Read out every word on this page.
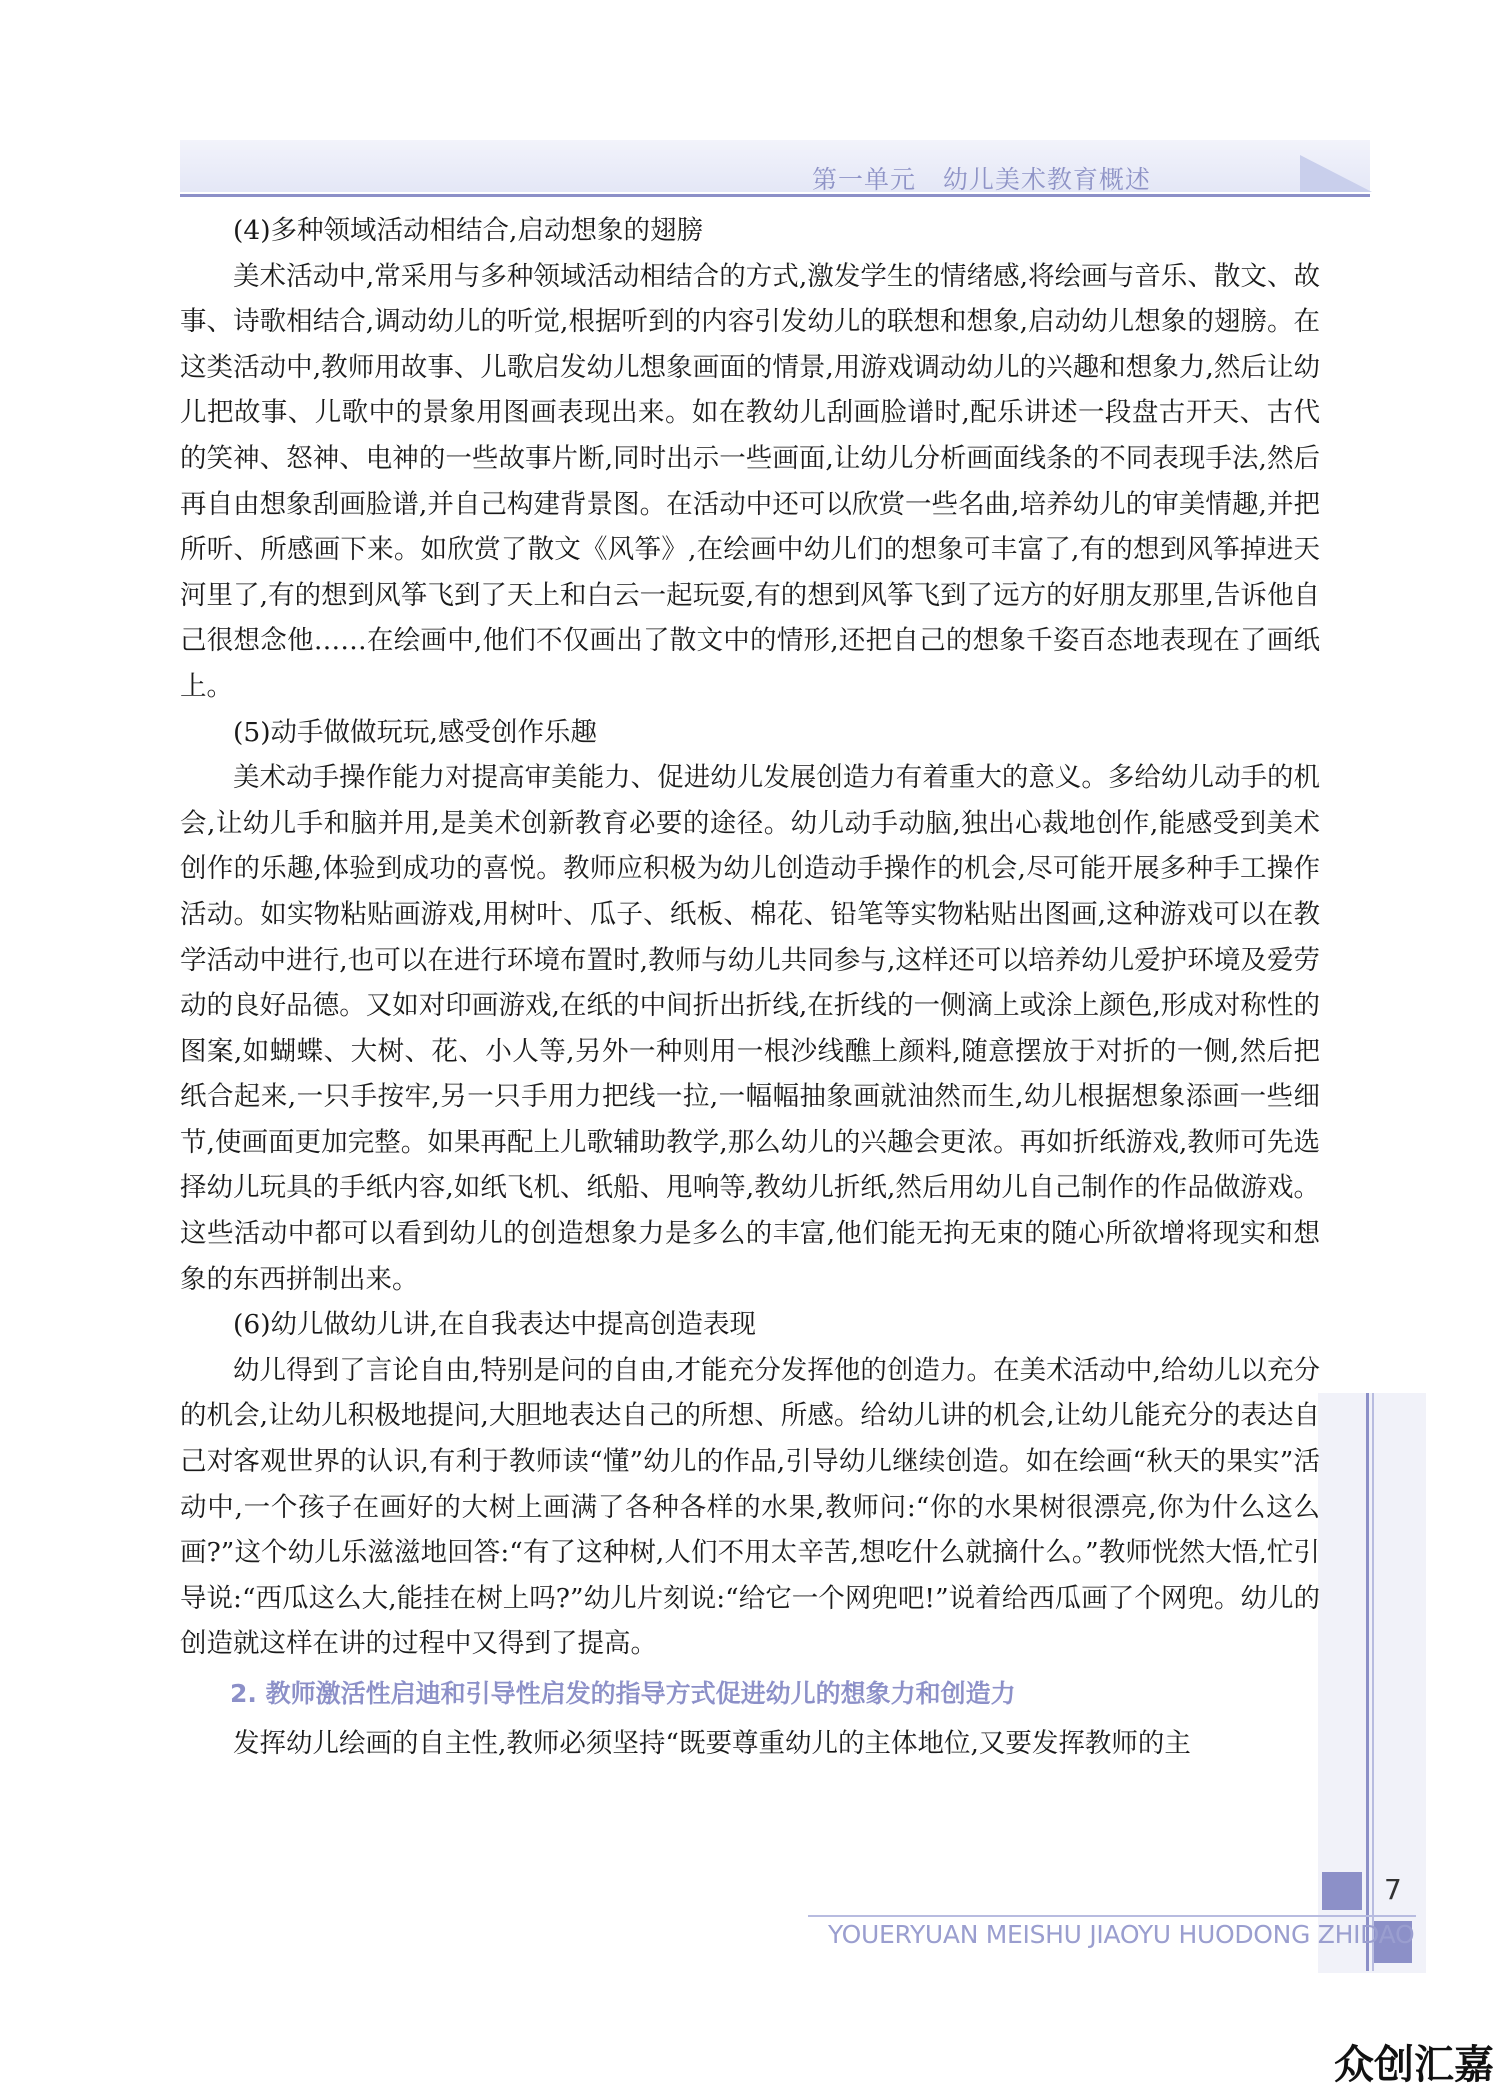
第一单元   幼儿美术教育概述

(4)多种领域活动相结合,启动想象的翅膀

美术活动中,常采用与多种领域活动相结合的方式,激发学生的情绪感,将绘画与音乐、散文、故事、诗歌相结合,调动幼儿的听觉,根据听到的内容引发幼儿的联想和想象,启动幼儿想象的翅膀。在这类活动中,教师用故事、儿歌启发幼儿想象画面的情景,用游戏调动幼儿的兴趣和想象力,然后让幼儿把故事、儿歌中的景象用图画表现出来。如在教幼儿刮画脸谱时,配乐讲述一段盘古开天、古代的笑神、怒神、电神的一些故事片断,同时出示一些画面,让幼儿分析画面线条的不同表现手法,然后再自由想象刮画脸谱,并自己构建背景图。在活动中还可以欣赏一些名曲,培养幼儿的审美情趣,并把所听、所感画下来。如欣赏了散文《风筝》,在绘画中幼儿们的想象可丰富了,有的想到风筝掉进天河里了,有的想到风筝飞到了天上和白云一起玩耍,有的想到风筝飞到了远方的好朋友那里,告诉他自己很想念他……在绘画中,他们不仅画出了散文中的情形,还把自己的想象千姿百态地表现在了画纸上。

(5)动手做做玩玩,感受创作乐趣

美术动手操作能力对提高审美能力、促进幼儿发展创造力有着重大的意义。多给幼儿动手的机会,让幼儿手和脑并用,是美术创新教育必要的途径。幼儿动手动脑,独出心裁地创作,能感受到美术创作的乐趣,体验到成功的喜悦。教师应积极为幼儿创造动手操作的机会,尽可能开展多种手工操作活动。如实物粘贴画游戏,用树叶、瓜子、纸板、棉花、铅笔等实物粘贴出图画,这种游戏可以在教学活动中进行,也可以在进行环境布置时,教师与幼儿共同参与,这样还可以培养幼儿爱护环境及爱劳动的良好品德。又如对印画游戏,在纸的中间折出折线,在折线的一侧滴上或涂上颜色,形成对称性的图案,如蝴蝶、大树、花、小人等,另外一种则用一根沙线醮上颜料,随意摆放于对折的一侧,然后把纸合起来,一只手按牢,另一只手用力把线一拉,一幅幅抽象画就油然而生,幼儿根据想象添画一些细节,使画面更加完整。如果再配上儿歌辅助教学,那么幼儿的兴趣会更浓。再如折纸游戏,教师可先选择幼儿玩具的手纸内容,如纸飞机、纸船、甩响等,教幼儿折纸,然后用幼儿自己制作的作品做游戏。这些活动中都可以看到幼儿的创造想象力是多么的丰富,他们能无拘无束的随心所欲增将现实和想象的东西拼制出来。

(6)幼儿做幼儿讲,在自我表达中提高创造表现

幼儿得到了言论自由,特别是问的自由,才能充分发挥他的创造力。在美术活动中,给幼儿以充分的机会,让幼儿积极地提问,大胆地表达自己的所想、所感。给幼儿讲的机会,让幼儿能充分的表达自己对客观世界的认识,有利于教师读“懂”幼儿的作品,引导幼儿继续创造。如在绘画“秋天的果实”活动中,一个孩子在画好的大树上画满了各种各样的水果,教师问:“你的水果树很漂亮,你为什么这么画?”这个幼儿乐滋滋地回答:“有了这种树,人们不用太辛苦,想吃什么就摘什么。”教师恍然大悟,忙引导说:“西瓜这么大,能挂在树上吗?”幼儿片刻说:“给它一个网兜吧!”说着给西瓜画了个网兜。幼儿的创造就这样在讲的过程中又得到了提高。

2. 教师激活性启迪和引导性启发的指导方式促进幼儿的想象力和创造力

发挥幼儿绘画的自主性,教师必须坚持“既要尊重幼儿的主体地位,又要发挥教师的主

7
YOUERYUAN MEISHU JIAOYU HUODONG ZHIDAO
众创汇嘉
